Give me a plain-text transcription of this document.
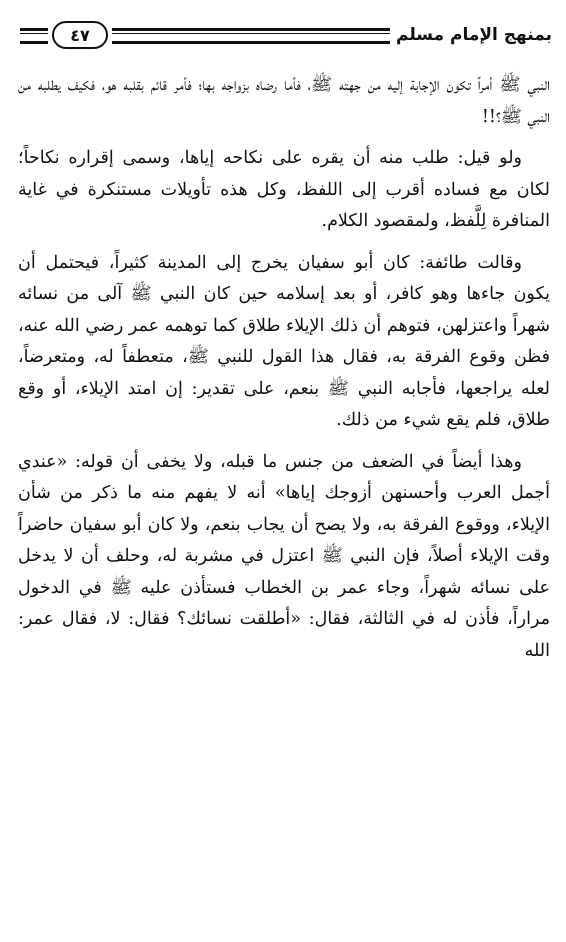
بمنهج الإمام مسلم
٤٧

النبي ﷺ أمراً تكون الإجابة إليه من جهته ﷺ، فأما رضاه بزواجه بها؛ فأمر قائم بقلبه هو، فكيف يطلبه من النبي ﷺ؟!!

ولو قيل: طلب منه أن يقره على نكاحه إياها، وسمى إقراره نكاحاً؛ لكان مع فساده أقرب إلى اللفظ، وكل هذه تأويلات مستنكرة في غاية المنافرة لِلَّفظ، ولمقصود الكلام.

وقالت طائفة: كان أبو سفيان يخرج إلى المدينة كثيراً، فيحتمل أن يكون جاءها وهو كافر، أو بعد إسلامه حين كان النبي ﷺ آلى من نسائه شهراً واعتزلهن، فتوهم أن ذلك الإيلاء طلاق كما توهمه عمر رضي الله عنه، فظن وقوع الفرقة به، فقال هذا القول للنبي ﷺ، متعطفاً له، ومتعرضاً، لعله يراجعها، فأجابه النبي ﷺ بنعم، على تقدير: إن امتد الإيلاء، أو وقع طلاق، فلم يقع شيء من ذلك.

وهذا أيضاً في الضعف من جنس ما قبله، ولا يخفى أن قوله: «عندي أجمل العرب وأحسنهن أزوجك إياها» أنه لا يفهم منه ما ذكر من شأن الإيلاء، ووقوع الفرقة به، ولا يصح أن يجاب بنعم، ولا كان أبو سفيان حاضراً وقت الإيلاء أصلاً، فإن النبي ﷺ اعتزل في مشربة له، وحلف أن لا يدخل على نسائه شهراً، وجاء عمر بن الخطاب فستأذن عليه ﷺ في الدخول مراراً، فأذن له في الثالثة، فقال: «أطلقت نسائك؟ فقال: لا، فقال عمر: الله
